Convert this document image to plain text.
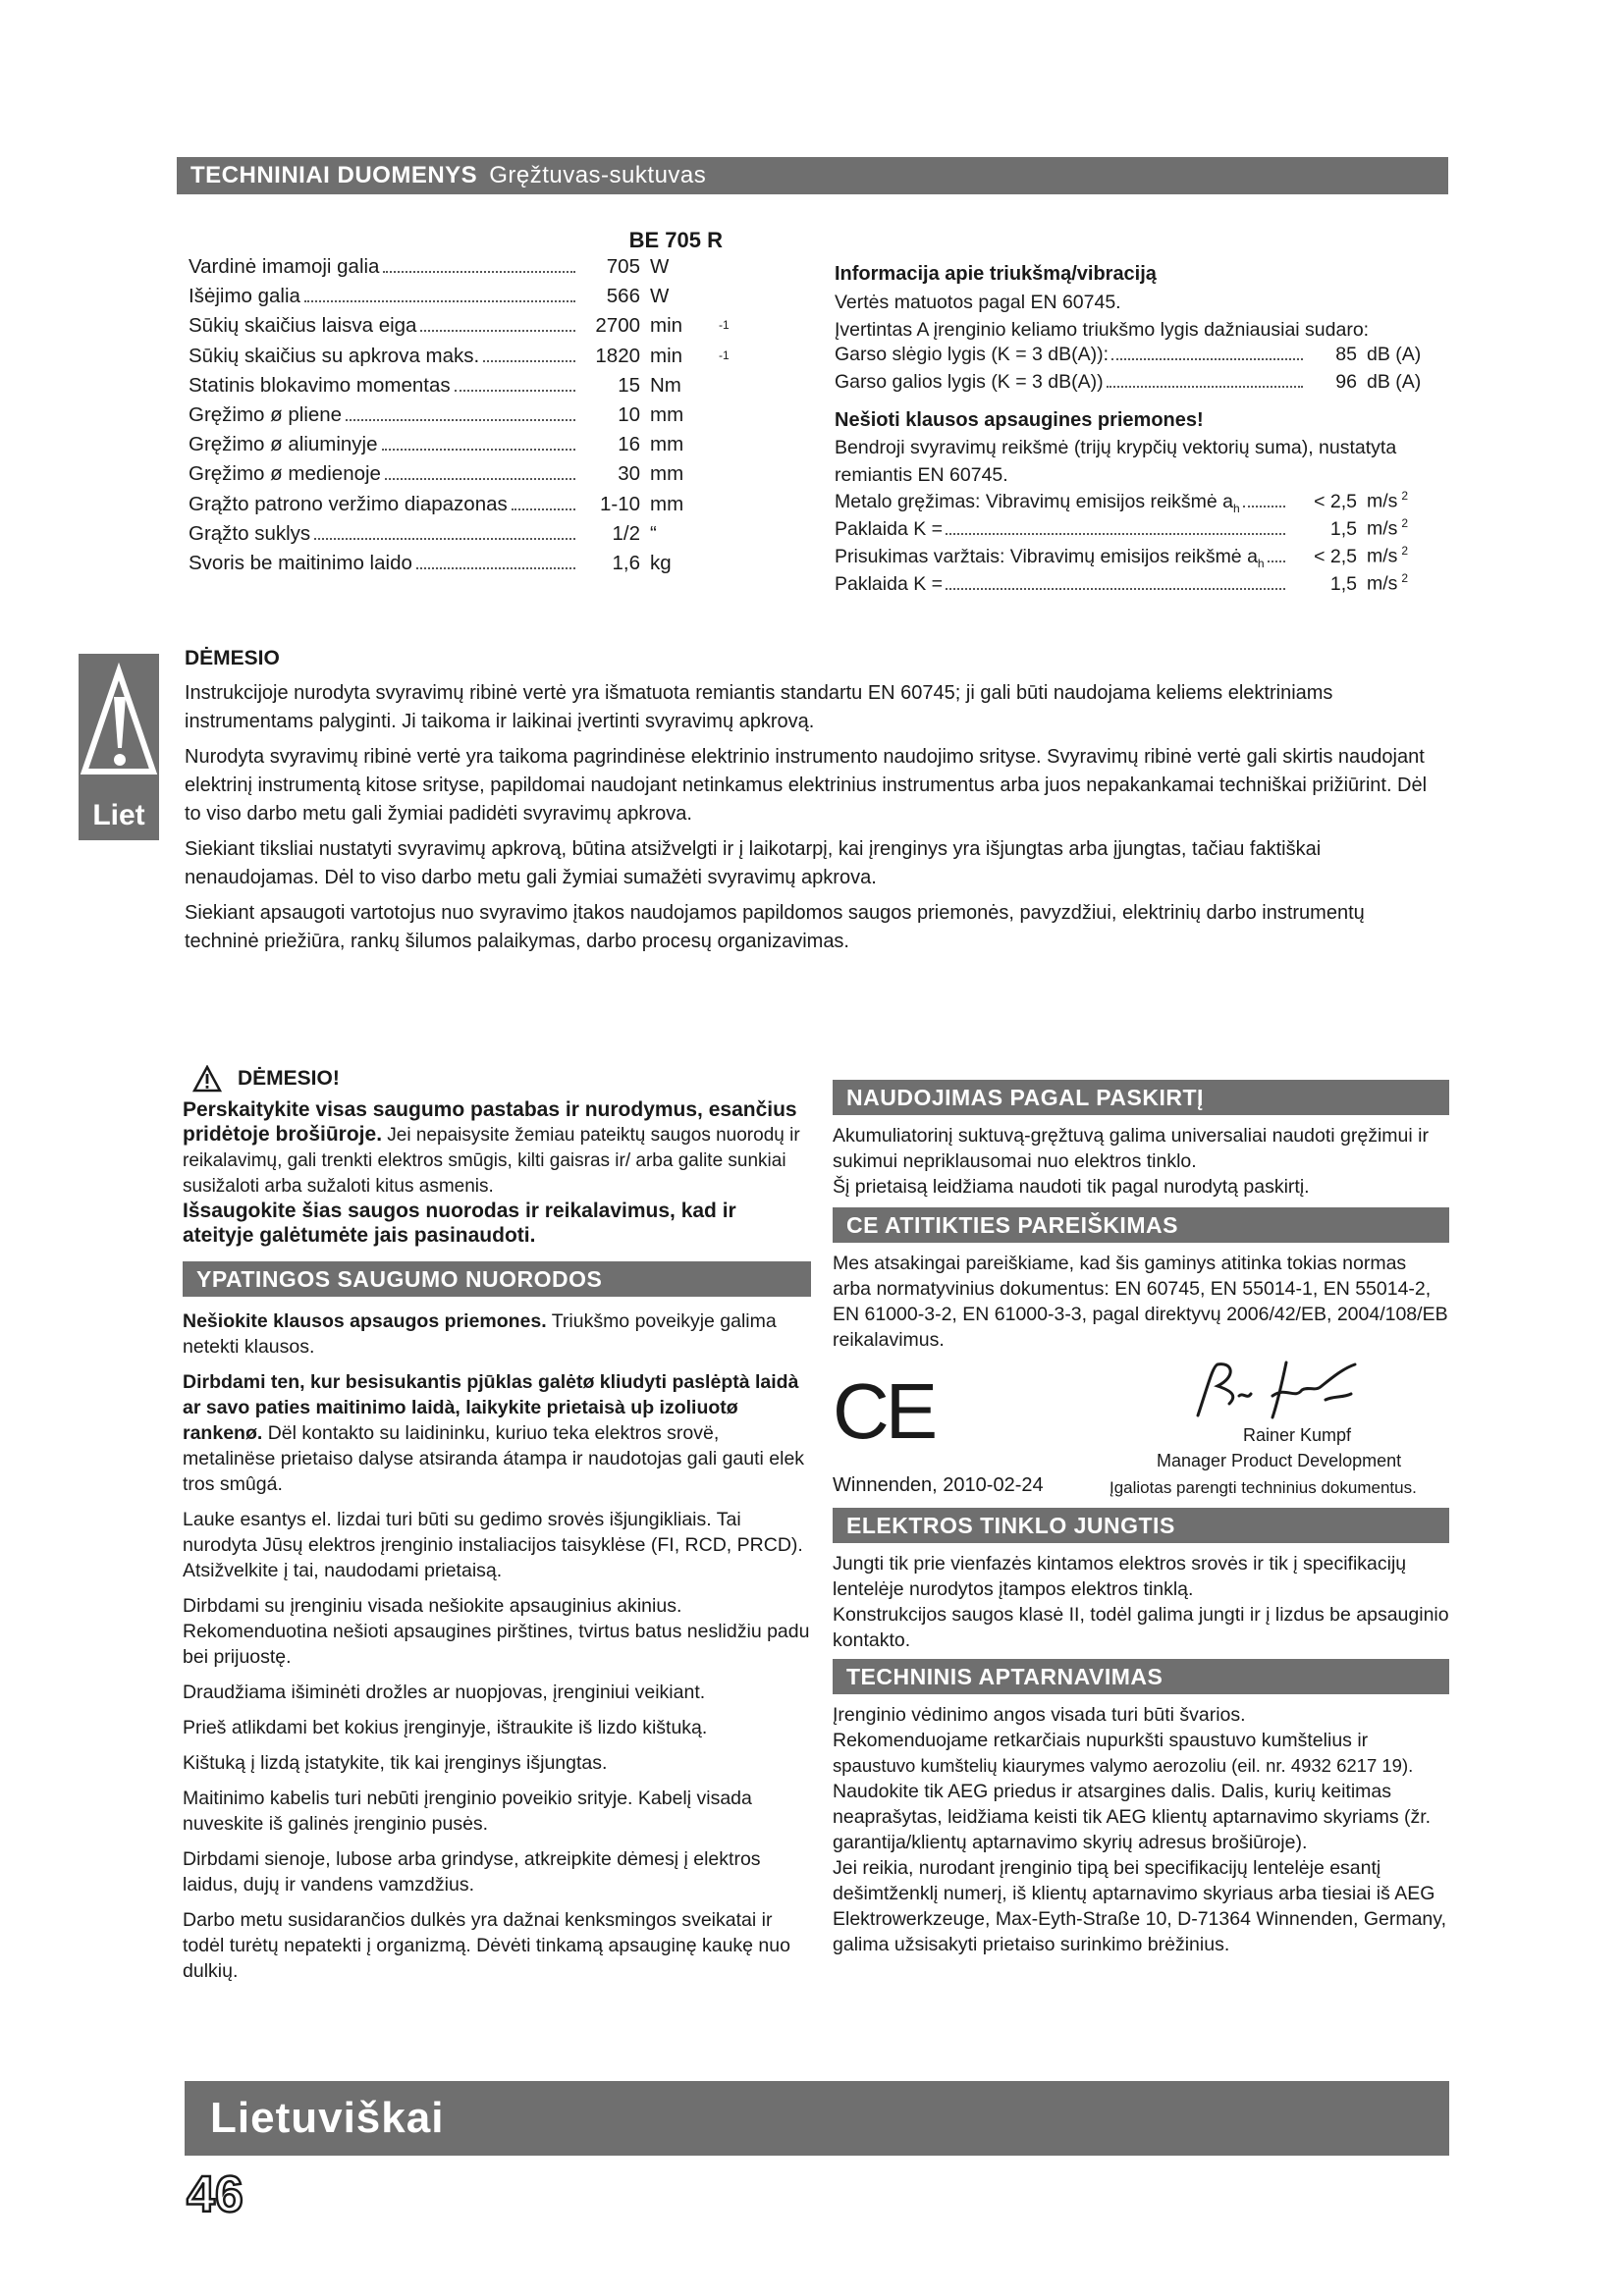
TECHNINIAI DUOMENYS Gręžtuvas-suktuvas
BE 705 R
Vardinė imamoji galia	705 W
Išėjimo galia	566 W
Sūkių skaičius laisva eiga	2700 min	-1
Sūkių skaičius su apkrova maks.	1820 min	-1
Statinis blokavimo momentas	15 Nm
Gręžimo ø pliene	10 mm
Gręžimo ø aliuminyje	16 mm
Gręžimo ø medienoje	30 mm
Grąžto patrono veržimo diapazonas	1-10 mm
Grąžto suklys	1/2 “
Svoris be maitinimo laido	1,6 kg

Informacija apie triukšmą/vibraciją

Vertės matuotos pagal EN 60745.

Įvertintas A įrenginio keliamo triukšmo lygis dažniausiai sudaro:

Garso slėgio lygis (K = 3 dB(A)):	85 dB (A)
Garso galios lygis (K = 3 dB(A))	96 dB (A)

Nešioti klausos apsaugines priemones!

Bendroji svyravimų reikšmė (trijų krypčių vektorių suma), nustatyta remiantis EN 60745.

Metalo gręžimas: Vibravimų emisijos reikšmė $a_h$	< 2,5 m/s $^2$
Paklaida K =	1,5 m/s $^2$
Prisukimas varžtais: Vibravimų emisijos reikšmė $a_h$	< 2,5 m/s $^2$
Paklaida K =	1,5 m/s $^2$
Liet

DĖMESIO

Instrukcijoje nurodyta svyravimų ribinė vertė yra išmatuota remiantis standartu EN 60745; ji gali būti naudojama keliems elektriniams instrumentams palyginti. Ji taikoma ir laikinai įvertinti svyravimų apkrovą.

Nurodyta svyravimų ribinė vertė yra taikoma pagrindinėse elektrinio instrumento naudojimo srityse. Svyravimų ribinė vertė gali skirtis naudojant elektrinį instrumentą kitose srityse, papildomai naudojant netinkamus elektrinius instrumentus arba juos nepakankamai techniškai prižiūrint. Dėl to viso darbo metu gali žymiai padidėti svyravimų apkrova.

Siekiant tiksliai nustatyti svyravimų apkrovą, būtina atsižvelgti ir į laikotarpį, kai įrenginys yra išjungtas arba įjungtas, tačiau faktiškai nenaudojamas. Dėl to viso darbo metu gali žymiai sumažėti svyravimų apkrova.

Siekiant apsaugoti vartotojus nuo svyravimo įtakos naudojamos papildomos saugos priemonės, pavyzdžiui, elektrinių darbo instrumentų techninė priežiūra, rankų šilumos palaikymas, darbo procesų organizavimas.

DĖMESIO!

Perskaitykite visas saugumo pastabas ir nurodymus, esančius pridėtoje brošiūroje. Jei nepaisysite žemiau pateiktų saugos nuorodų ir reikalavimų, gali trenkti elektros smūgis, kilti gaisras ir/ arba galite sunkiai susižaloti arba sužaloti kitus asmenis.

Išsaugokite šias saugos nuorodas ir reikalavimus, kad ir ateityje galėtumėte jais pasinaudoti.

YPATINGOS SAUGUMO NUORODOS

Nešiokite klausos apsaugos priemones. Triukšmo poveikyje galima netekti klausos.

Dirbdami ten, kur besisukantis pjūklas galėtø kliudyti paslėptà laidà ar savo paties maitinimo laidà, laikykite prietaisà uþ izoliuotø rankenø. Dël kontakto su laidininku, kuriuo teka elektros srovë, metalinëse prietaiso dalyse atsiranda átampa ir naudotojas gali gauti elek tros smûgá.

Lauke esantys el. lizdai turi būti su gedimo srovės išjungikliais. Tai nurodyta Jūsų elektros įrenginio instaliacijos taisyklėse (FI, RCD, PRCD). Atsižvelkite į tai, naudodami prietaisą.

Dirbdami su įrenginiu visada nešiokite apsauginius akinius. Rekomenduotina nešioti apsaugines pirštines, tvirtus batus neslidžiu padu bei prijuostę.

Draudžiama išiminėti drožles ar nuopjovas, įrenginiui veikiant.

Prieš atlikdami bet kokius įrenginyje, ištraukite iš lizdo kištuką.

Kištuką į lizdą įstatykite, tik kai įrenginys išjungtas.

Maitinimo kabelis turi nebūti įrenginio poveikio srityje. Kabelį visada nuveskite iš galinės įrenginio pusės.

Dirbdami sienoje, lubose arba grindyse, atkreipkite dėmesį į elektros laidus, dujų ir vandens vamzdžius.

Darbo metu susidarančios dulkės yra dažnai kenksmingos sveikatai ir todėl turėtų nepatekti į organizmą. Dėvėti tinkamą apsauginę kaukę nuo dulkių.

NAUDOJIMAS PAGAL PASKIRTĮ

Akumuliatorinį suktuvą-gręžtuvą galima universaliai naudoti gręžimui ir sukimui nepriklausomai nuo elektros tinklo.

Šį prietaisą leidžiama naudoti tik pagal nurodytą paskirtį.

CE ATITIKTIES PAREIŠKIMAS

Mes atsakingai pareiškiame, kad šis gaminys atitinka tokias normas arba normatyvinius dokumentus: EN 60745, EN 55014-1, EN 55014-2, EN 61000-3-2, EN 61000-3-3, pagal direktyvų 2006/42/EB, 2004/108/EB reikalavimus.

CE	Rainer Kumpf
Manager Product Development
Winnenden, 2010-02-24	Įgaliotas parengti techninius dokumentus.
ELEKTROS TINKLO JUNGTIS

Jungti tik prie vienfazės kintamos elektros srovės ir tik į specifikacijų lentelėje nurodytos įtampos elektros tinklą.

Konstrukcijos saugos klasė II, todėl galima jungti ir į lizdus be apsauginio kontakto.

TECHNINIS APTARNAVIMAS

Įrenginio vėdinimo angos visada turi būti švarios.

Rekomenduojame retkarčiais nupurkšti spaustuvo kumštelius ir

spaustuvo kumštelių kiaurymes valymo aerozoliu (eil. nr. 4932 6217 19).

Naudokite tik AEG priedus ir atsargines dalis. Dalis, kurių keitimas neaprašytas, leidžiama keisti tik AEG klientų aptarnavimo skyriams (žr. garantija/klientų aptarnavimo skyrių adresus brošiūroje).

Jei reikia, nurodant įrenginio tipą bei specifikacijų lentelėje esantį dešimtženklį numerį, iš klientų aptarnavimo skyriaus arba tiesiai iš AEG Elektrowerkzeuge, Max-Eyth-Straße 10, D-71364 Winnenden, Germany, galima užsisakyti prietaiso surinkimo brėžinius.

Lietuviškai
46
